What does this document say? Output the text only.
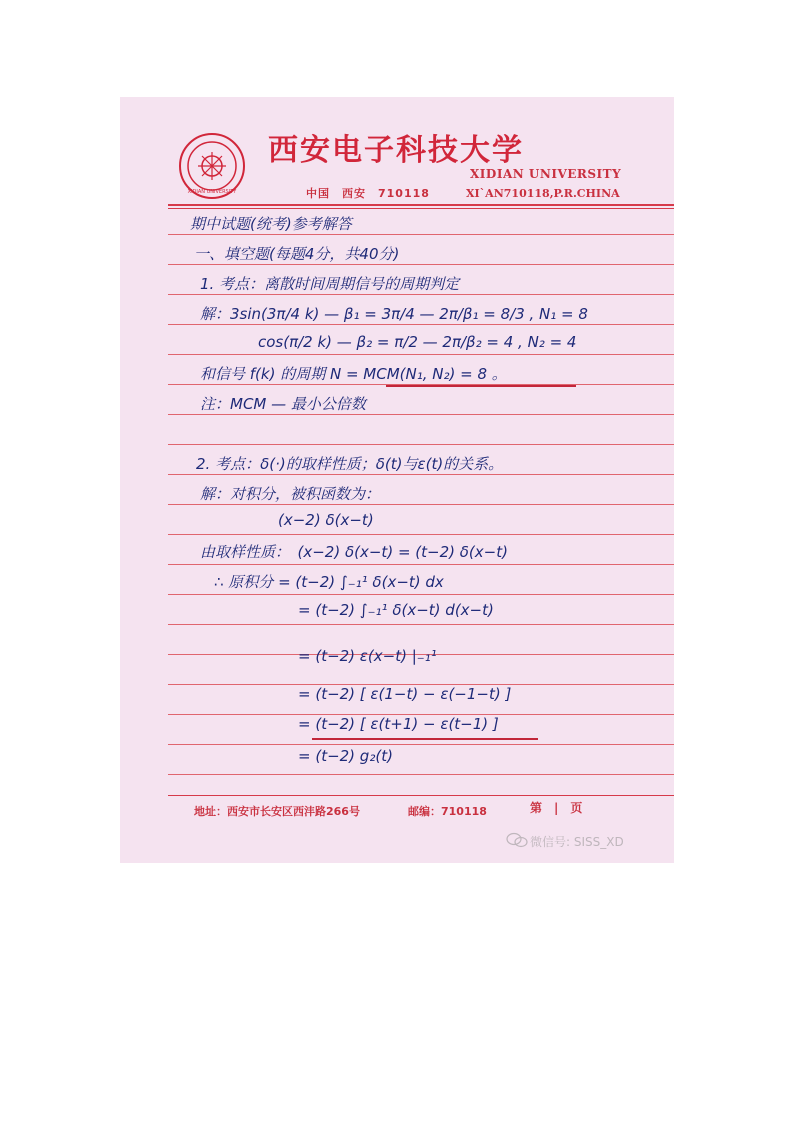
XIDIAN UNIVERSITY
西安电子科技大学
XIDIAN UNIVERSITY
中国　西安　710118	XI`AN710118,P.R.CHINA
期中试题(统考)参考解答
一、填空题(每题4分，共40分)
1. 考点：离散时间周期信号的周期判定
解：3sin(3π/4 k) — β₁ = 3π/4 — 2π/β₁ = 8/3 , N₁ = 8
cos(π/2 k) — β₂ = π/2 — 2π/β₂ = 4 , N₂ = 4
和信号 f(k) 的周期 N = MCM(N₁, N₂) = 8 。
注：MCM — 最小公倍数
2. 考点：δ(·)的取样性质；δ(t)与ε(t)的关系。
解：对积分，被积函数为：
(x−2) δ(x−t)
由取样性质：　(x−2) δ(x−t) = (t−2) δ(x−t)
∴ 原积分 = (t−2) ∫₋₁¹ δ(x−t) dx
= (t−2) ∫₋₁¹ δ(x−t) d(x−t)
= (t−2) ε(x−t) |₋₁¹
= (t−2) [ ε(1−t) − ε(−1−t) ]
= (t−2) [ ε(t+1) − ε(t−1) ]
= (t−2) g₂(t)
地址：西安市长安区西沣路266号	邮编：710118	第　|　页
微信号: SISS_XD
